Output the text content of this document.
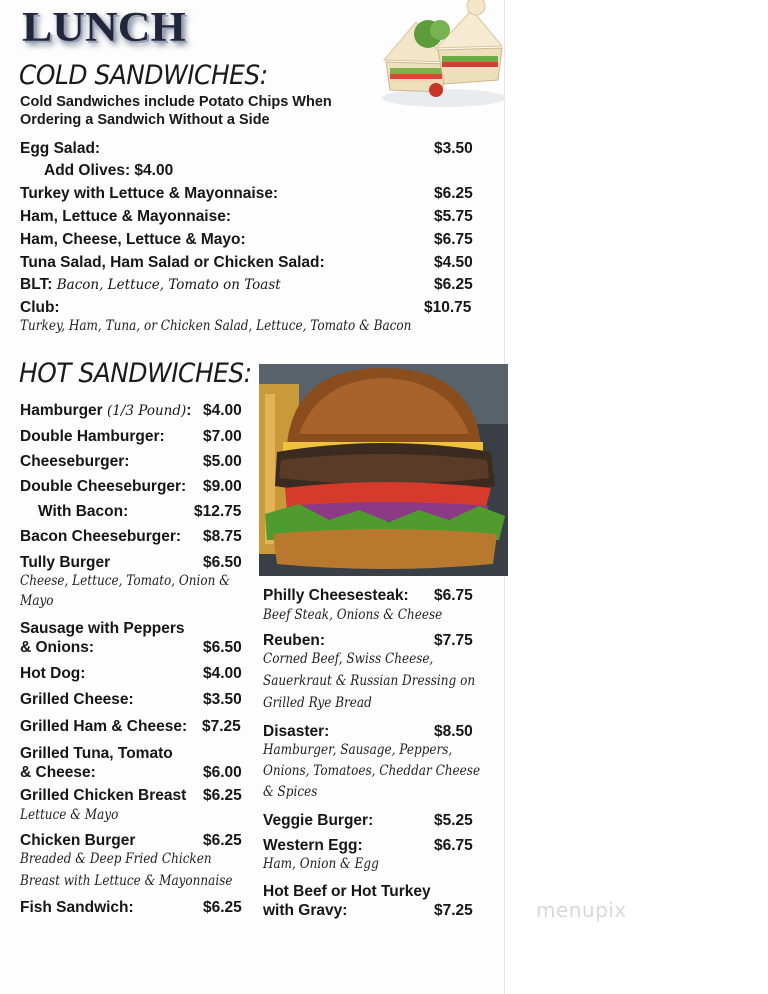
LUNCH
COLD SANDWICHES:
Cold Sandwiches include Potato Chips When
Ordering a Sandwich Without a Side
Egg Salad:	$3.50
Add Olives: $4.00
Turkey with Lettuce & Mayonnaise:	$6.25
Ham, Lettuce & Mayonnaise:	$5.75
Ham, Cheese, Lettuce & Mayo:	$6.75
Tuna Salad, Ham Salad or Chicken Salad:	$4.50
BLT: Bacon, Lettuce, Tomato on Toast	$6.25
Club:	$10.75
Turkey, Ham, Tuna, or Chicken Salad, Lettuce, Tomato & Bacon
HOT SANDWICHES:
Hamburger (1/3 Pound): $4.00
Double Hamburger: $7.00
Cheeseburger:	$5.00
Double Cheeseburger: $9.00
With Bacon:	$12.75
Bacon Cheeseburger: $8.75
Tully Burger	$6.50
Cheese, Lettuce, Tomato, Onion &
Mayo
Sausage with Peppers
& Onions:	$6.50
Hot Dog:	$4.00
Grilled Cheese:	$3.50
Grilled Ham & Cheese: $7.25
Grilled Tuna, Tomato
& Cheese:	$6.00
Grilled Chicken Breast $6.25
Lettuce & Mayo
Chicken Burger	$6.25
Breaded & Deep Fried Chicken
Breast with Lettuce & Mayonnaise
Fish Sandwich:	$6.25
Philly Cheesesteak: $6.75
Beef Steak, Onions & Cheese
Reuben:	$7.75
Corned Beef, Swiss Cheese,
Sauerkraut & Russian Dressing on
Grilled Rye Bread
Disaster:	$8.50
Hamburger, Sausage, Peppers,
Onions, Tomatoes, Cheddar Cheese
& Spices
Veggie Burger:	$5.25
Western Egg:	$6.75
Ham, Onion & Egg
Hot Beef or Hot Turkey
with Gravy:	$7.25	menupix
